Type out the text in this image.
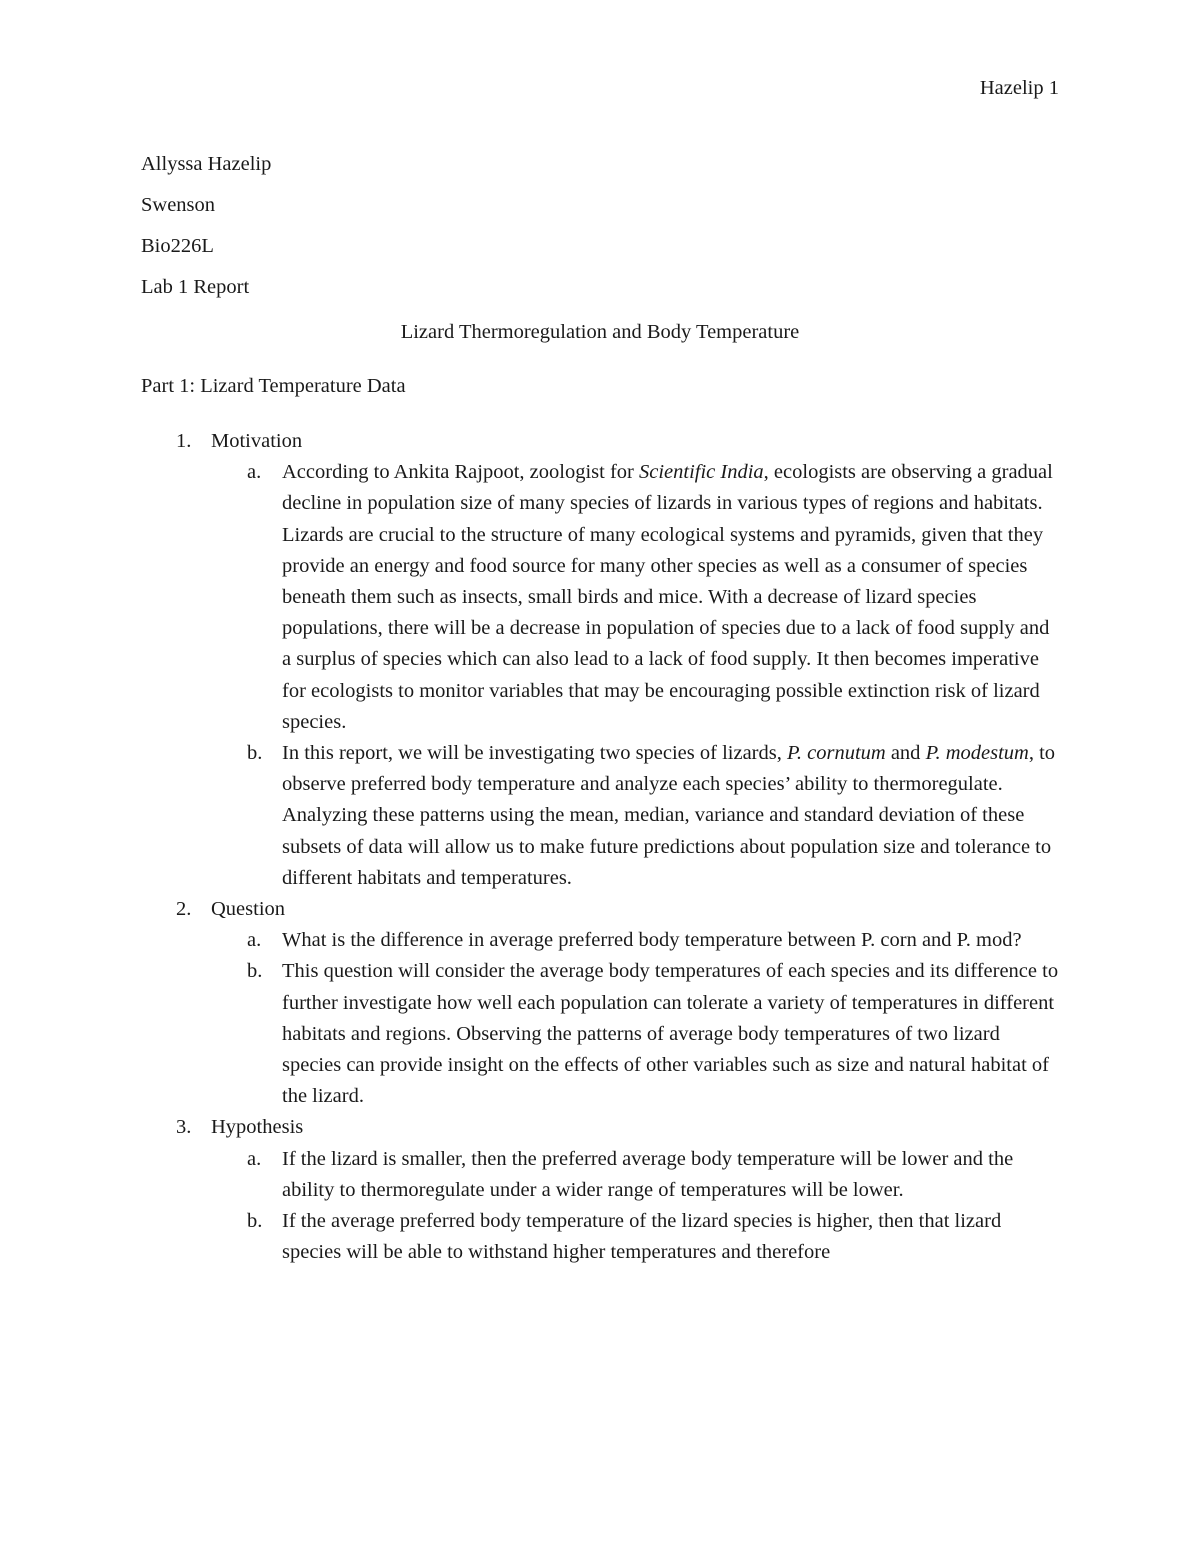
Hazelip 1
Allyssa Hazelip
Swenson
Bio226L
Lab 1 Report
Lizard Thermoregulation and Body Temperature
Part 1: Lizard Temperature Data
1. Motivation
a. According to Ankita Rajpoot, zoologist for Scientific India, ecologists are observing a gradual decline in population size of many species of lizards in various types of regions and habitats. Lizards are crucial to the structure of many ecological systems and pyramids, given that they provide an energy and food source for many other species as well as a consumer of species beneath them such as insects, small birds and mice. With a decrease of lizard species populations, there will be a decrease in population of species due to a lack of food supply and a surplus of species which can also lead to a lack of food supply. It then becomes imperative for ecologists to monitor variables that may be encouraging possible extinction risk of lizard species.
b. In this report, we will be investigating two species of lizards, P. cornutum and P. modestum, to observe preferred body temperature and analyze each species’ ability to thermoregulate. Analyzing these patterns using the mean, median, variance and standard deviation of these subsets of data will allow us to make future predictions about population size and tolerance to different habitats and temperatures.
2. Question
a. What is the difference in average preferred body temperature between P. corn and P. mod?
b. This question will consider the average body temperatures of each species and its difference to further investigate how well each population can tolerate a variety of temperatures in different habitats and regions. Observing the patterns of average body temperatures of two lizard species can provide insight on the effects of other variables such as size and natural habitat of the lizard.
3. Hypothesis
a. If the lizard is smaller, then the preferred average body temperature will be lower and the ability to thermoregulate under a wider range of temperatures will be lower.
b. If the average preferred body temperature of the lizard species is higher, then that lizard species will be able to withstand higher temperatures and therefore
